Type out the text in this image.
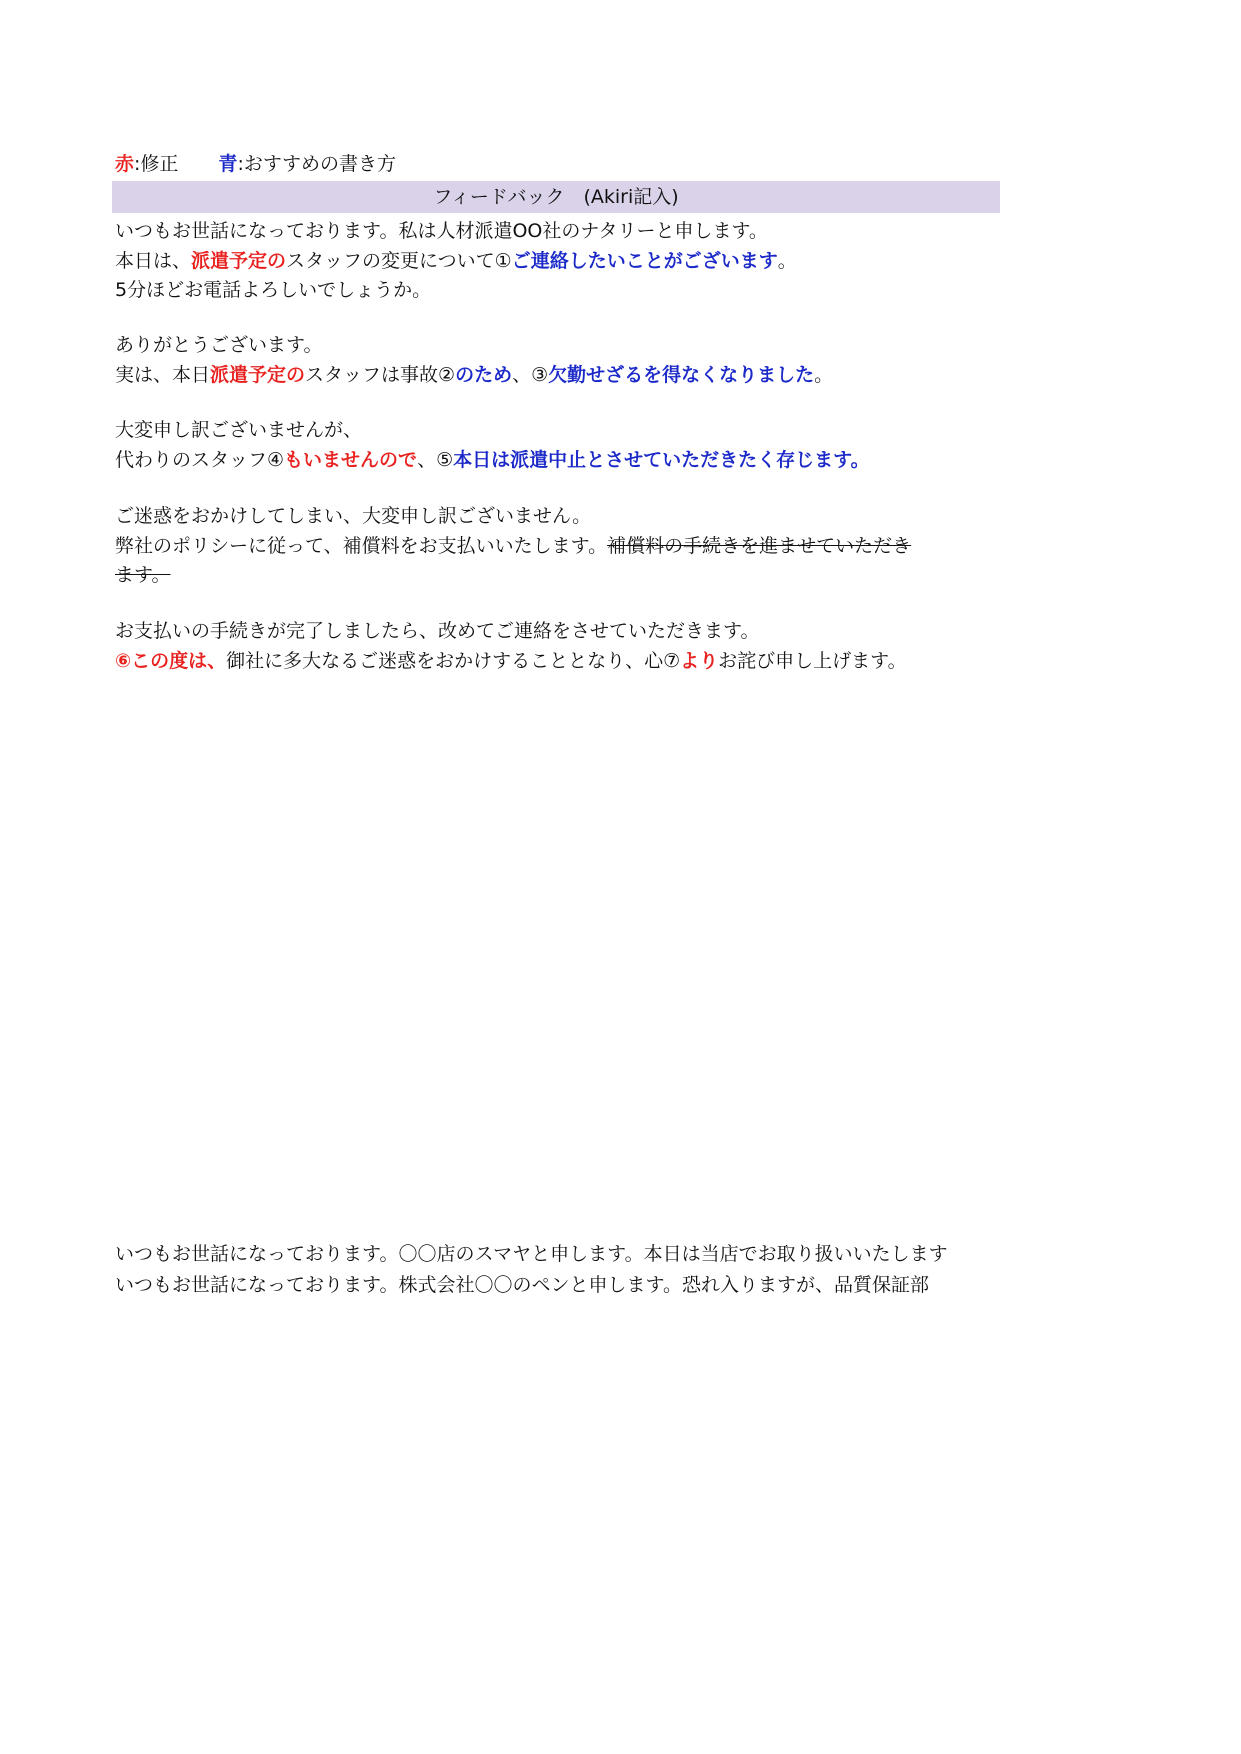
赤:修正 青:おすすめの書き方
フィードバック　(Akiri記入)
いつもお世話になっております。私は人材派遣OO社のナタリーと申します。
本日は、派遣予定のスタッフの変更について①ご連絡したいことがございます。
5分ほどお電話よろしいでしょうか。
ありがとうございます。
実は、本日派遣予定のスタッフは事故②のため、③欠勤せざるを得なくなりました。
大変申し訳ございませんが、
代わりのスタッフ④もいませんので、⑤本日は派遣中止とさせていただきたく存じます。
ご迷惑をおかけしてしまい、大変申し訳ございません。
弊社のポリシーに従って、補償料をお支払いいたします。補償料の手続きを進ませていただき
ます。
お支払いの手続きが完了しましたら、改めてご連絡をさせていただきます。
⑥この度は、御社に多大なるご迷惑をおかけすることとなり、心⑦よりお詫び申し上げます。
いつもお世話になっております。〇〇店のスマヤと申します。本日は当店でお取り扱いいたします
いつもお世話になっております。株式会社〇〇のペンと申します。恐れ入りますが、品質保証部
